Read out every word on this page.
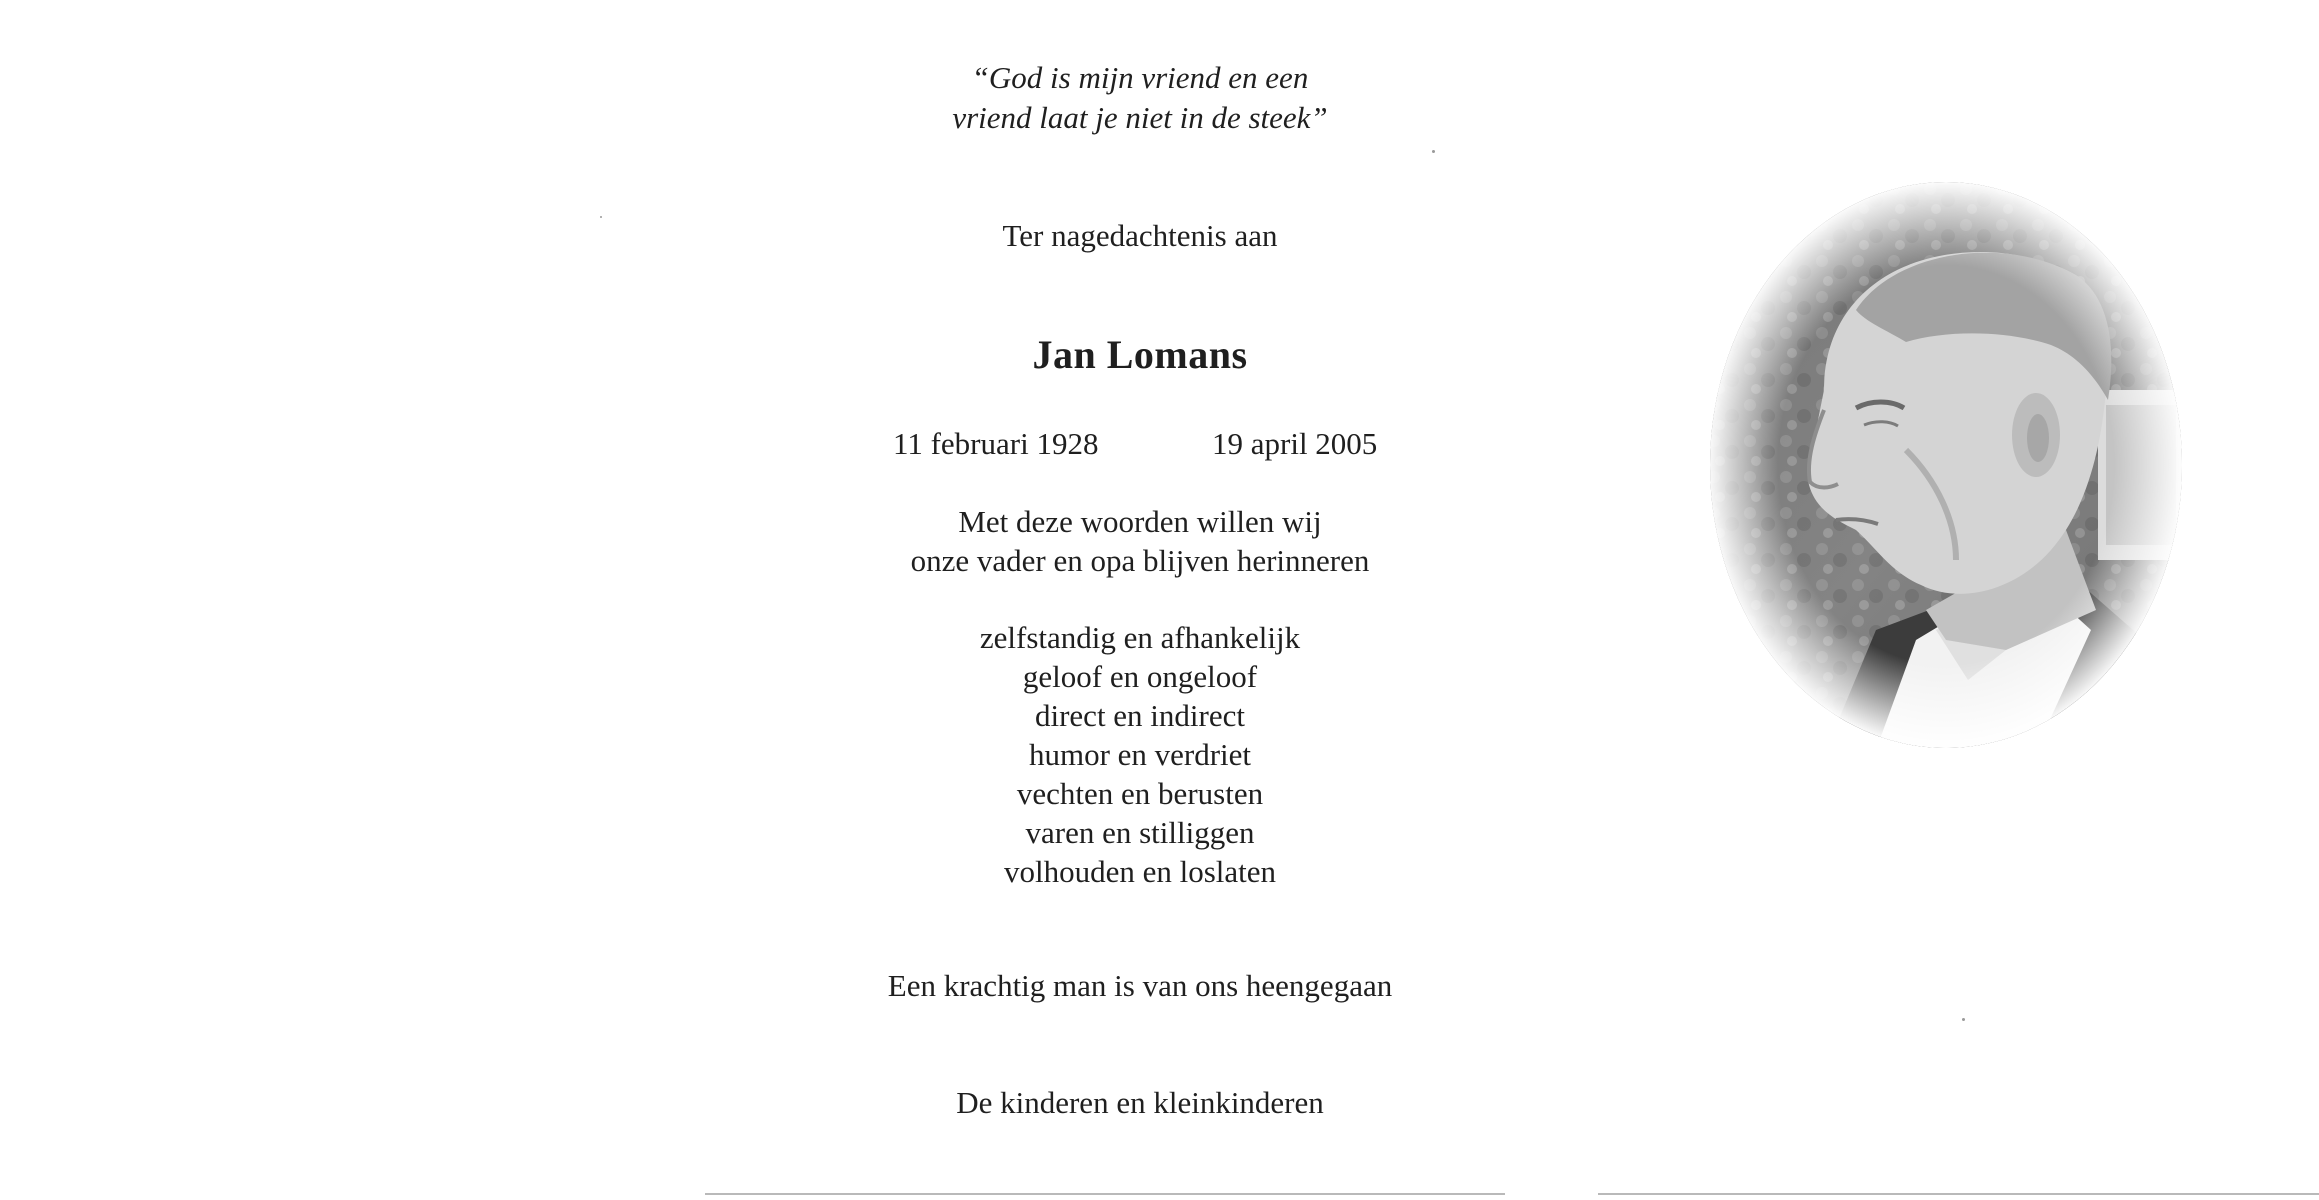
“God is mijn vriend en een
vriend laat je niet in de steek”
Ter nagedachtenis aan
Jan Lomans
11 februari 1928	19 april 2005
Met deze woorden willen wij
onze vader en opa blijven herinneren
zelfstandig en afhankelijk
geloof en ongeloof
direct en indirect
humor en verdriet
vechten en berusten
varen en stilliggen
volhouden en loslaten
Een krachtig man is van ons heengegaan
De kinderen en kleinkinderen
